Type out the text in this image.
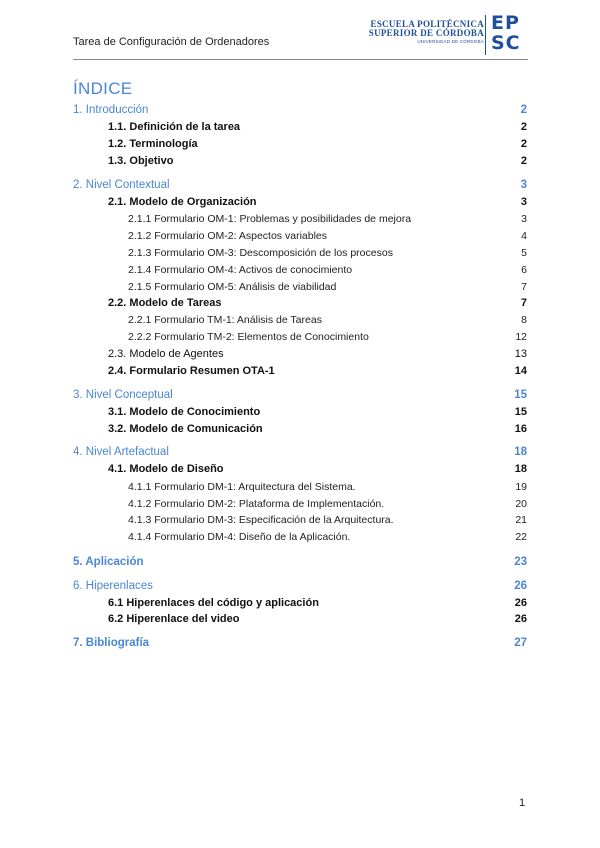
Tarea de Configuración de Ordenadores
ESCUELA POLITÉCNICA
SUPERIOR DE CÓRDOBA
UNIVERSIDAD DE CÓRDOBA
EP
SC
ÍNDICE
1. Introducción	2
1.1. Definición de la tarea	2
1.2. Terminología	2
1.3. Objetivo	2
2. Nivel Contextual	3
2.1. Modelo de Organización	3
2.1.1 Formulario OM-1: Problemas y posibilidades de mejora	3
2.1.2 Formulario OM-2: Aspectos variables	4
2.1.3 Formulario OM-3: Descomposición de los procesos	5
2.1.4 Formulario OM-4: Activos de conocimiento	6
2.1.5 Formulario OM-5: Análisis de viabilidad	7
2.2. Modelo de Tareas	7
2.2.1 Formulario TM-1: Análisis de Tareas	8
2.2.2 Formulario TM-2: Elementos de Conocimiento	12
2.3. Modelo de Agentes	13
2.4. Formulario Resumen OTA-1	14
3. Nivel Conceptual	15
3.1. Modelo de Conocimiento	15
3.2. Modelo de Comunicación	16
4. Nivel Artefactual	18
4.1. Modelo de Diseño	18
4.1.1 Formulario DM-1: Arquitectura del Sistema.	19
4.1.2 Formulario DM-2: Plataforma de Implementación.	20
4.1.3 Formulario DM-3: Especificación de la Arquitectura.	21
4.1.4 Formulario DM-4: Diseño de la Aplicación.	22
5. Aplicación	23
6. Hiperenlaces	26
6.1 Hiperenlaces del código y aplicación	26
6.2 Hiperenlace del video	26
7. Bibliografía	27
1
